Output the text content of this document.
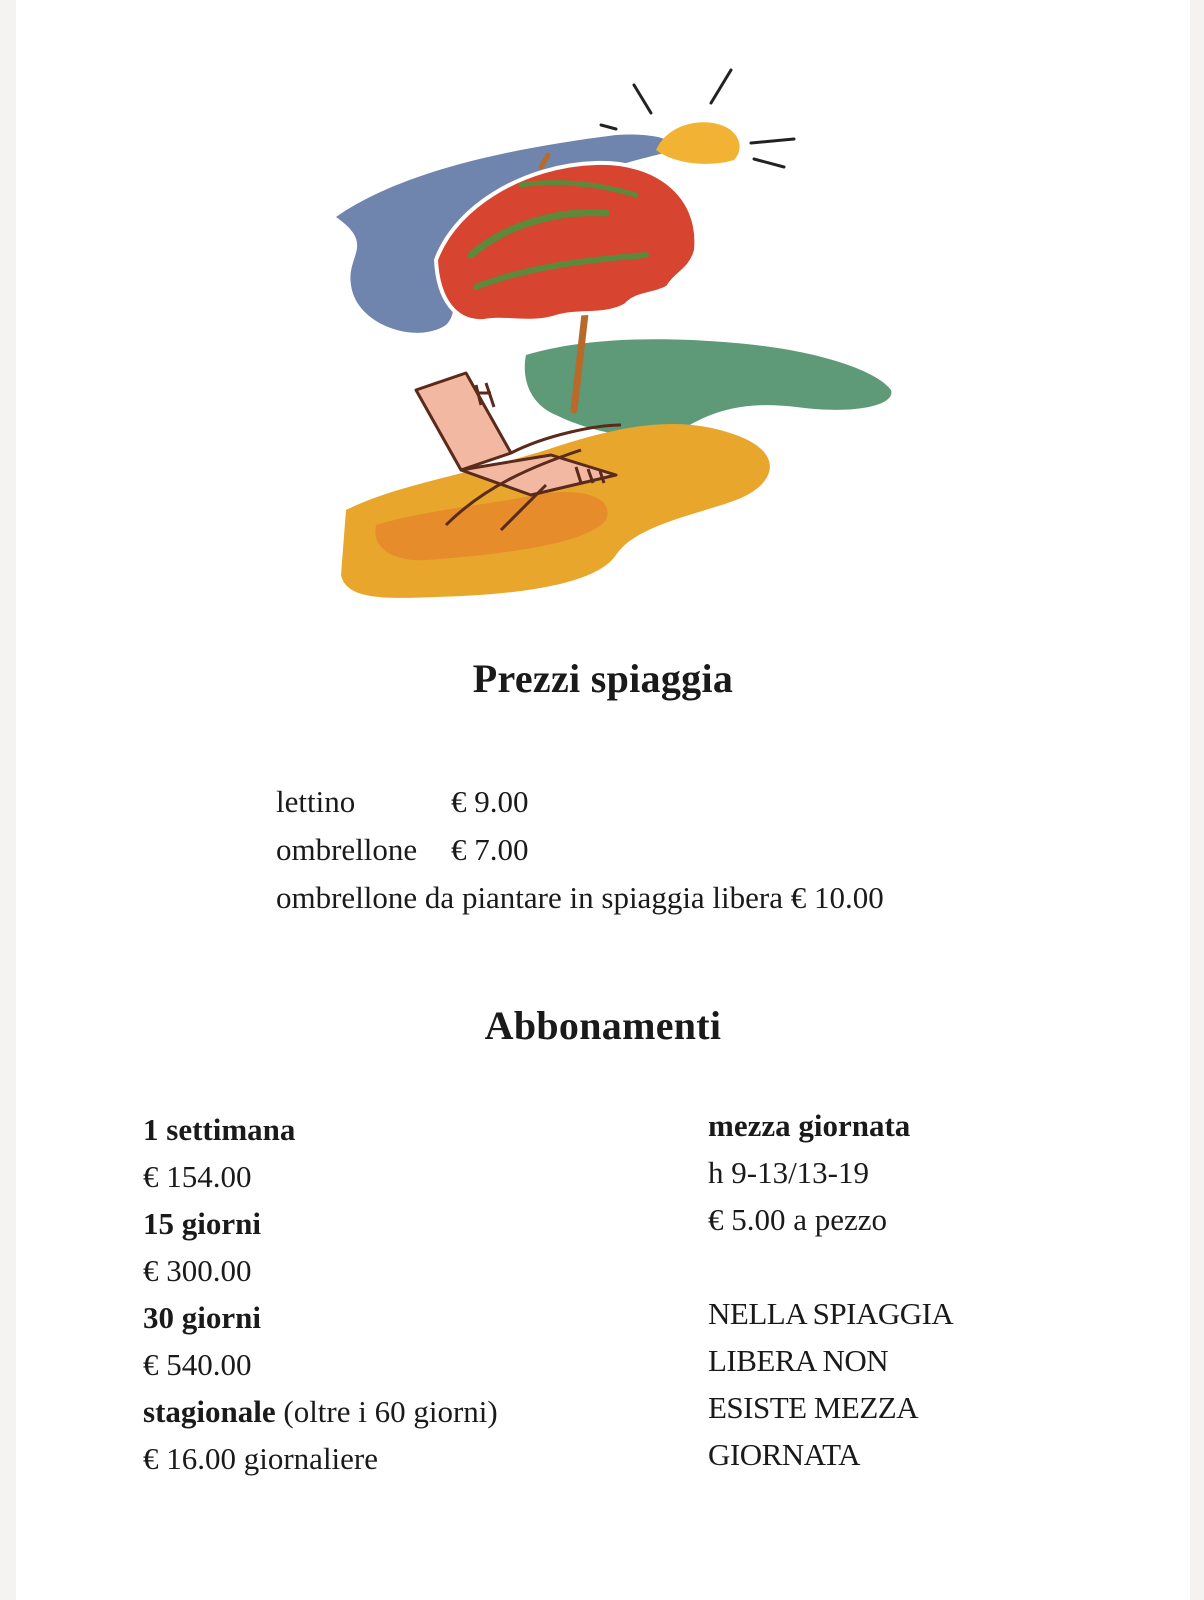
Prezzi spiaggia
lettino	€ 9.00
ombrellone € 7.00
ombrellone da piantare in spiaggia libera € 10.00
Abbonamenti
1 settimana
€ 154.00
15 giorni
€ 300.00
30 giorni
€ 540.00
stagionale (oltre i 60 giorni)
€ 16.00 giornaliere
mezza giornata
h 9-13/13-19
€ 5.00 a pezzo
NELLA SPIAGGIA
LIBERA NON
ESISTE MEZZA
GIORNATA
